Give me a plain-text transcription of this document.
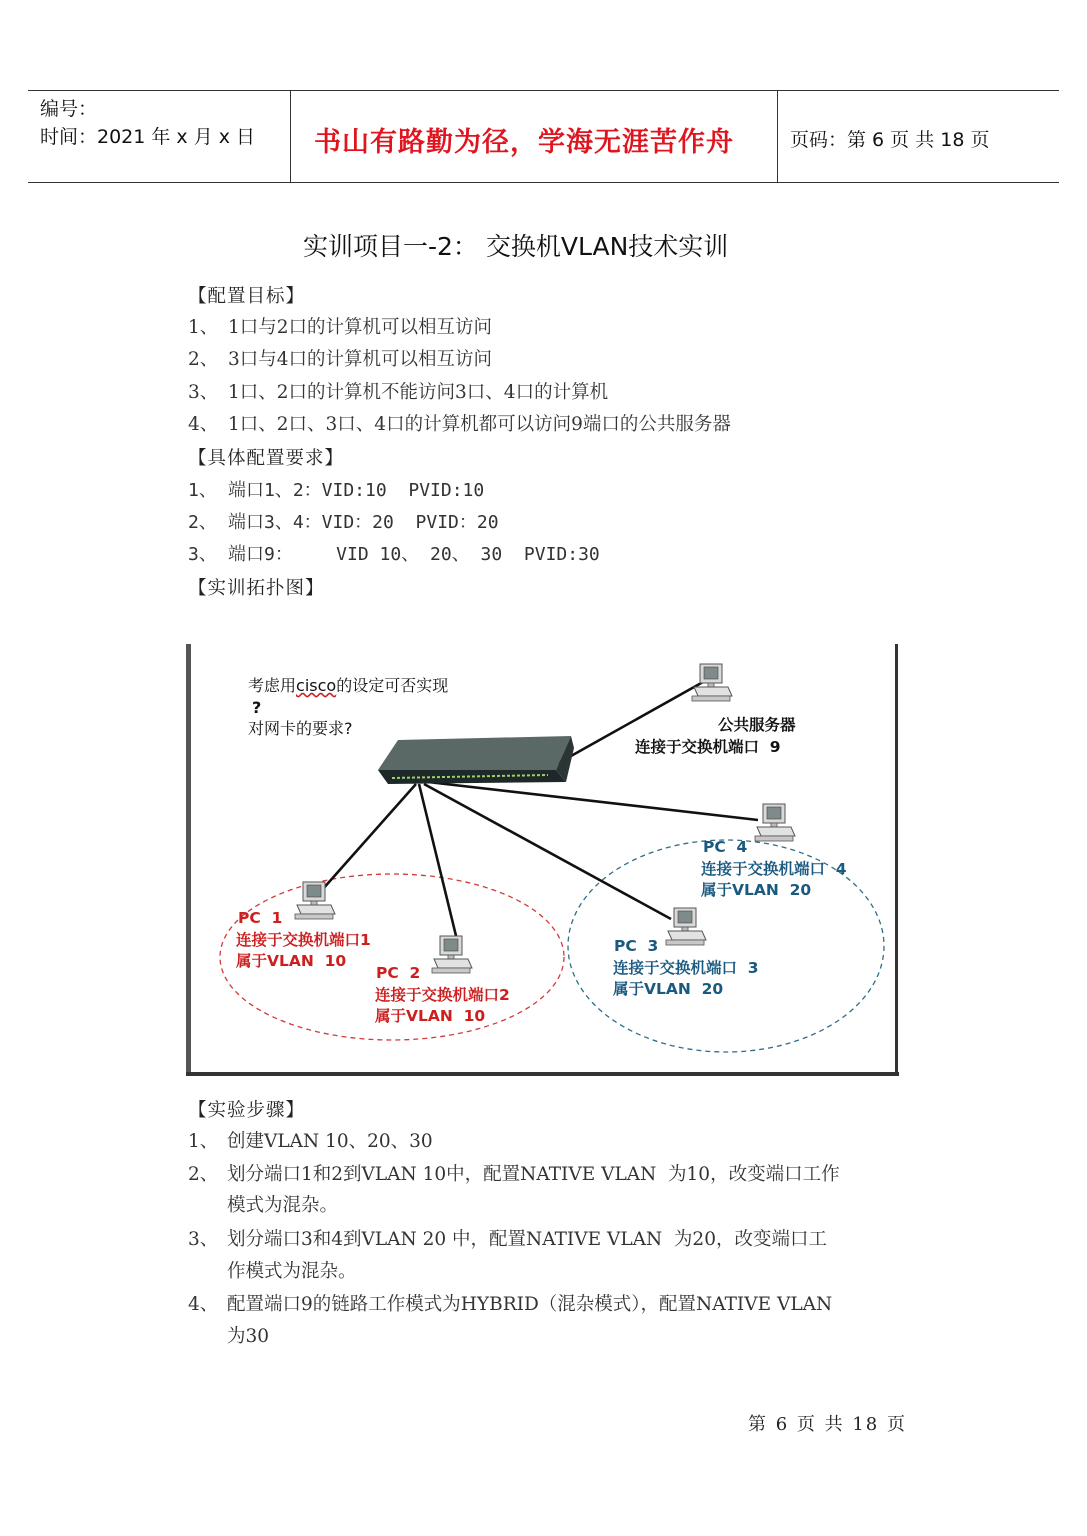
编号：
时间：2021 年 x 月 x 日 书山有路勤为径，学海无涯苦作舟	页码：第 6 页 共 18 页
实训项目一-2： 交换机VLAN技术实训
【配置目标】
1、 1口与2口的计算机可以相互访问
2、 3口与4口的计算机可以相互访问
3、 1口、2口的计算机不能访问3口、4口的计算机
4、 1口、2口、3口、4口的计算机都可以访问9端口的公共服务器
【具体配置要求】
1、 端口1、2：VID:10  PVID:10
2、 端口3、4：VID：20  PVID：20
3、 端口9：    VID 10、 20、 30  PVID:30
【实训拓扑图】
考虑用cisco的设定可否实现
?
对网卡的要求?	公共服务器
连接于交换机端口  9
PC  1
连接于交换机端口1
属于VLAN  10
PC  2
连接于交换机端口2
属于VLAN  10
PC  3
连接于交换机端口  3
属于VLAN  20
PC  4
连接于交换机端口  4
属于VLAN  20
【实验步骤】
1、 创建VLAN 10、20、30
2、 划分端口1和2到VLAN 10中，配置NATIVE VLAN  为10，改变端口工作
模式为混杂。
3、 划分端口3和4到VLAN 20 中，配置NATIVE VLAN  为20，改变端口工
作模式为混杂。
4、 配置端口9的链路工作模式为HYBRID（混杂模式），配置NATIVE VLAN
为30
第 6 页 共 18 页
